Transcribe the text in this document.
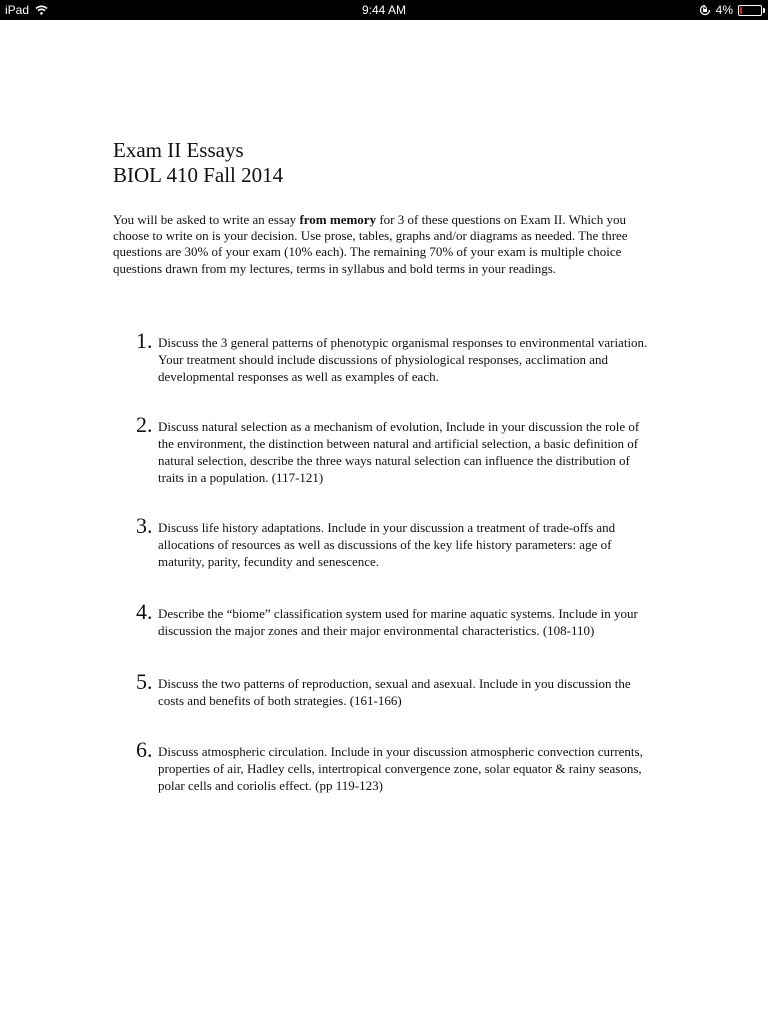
iPad	9:44 AM	4%
Exam II Essays
BIOL 410 Fall 2014
You will be asked to write an essay from memory for 3 of these questions on Exam II. Which you choose to write on is your decision. Use prose, tables, graphs and/or diagrams as needed. The three questions are 30% of your exam (10% each). The remaining 70% of your exam is multiple choice questions drawn from my lectures, terms in syllabus and bold terms in your readings.
1. Discuss the 3 general patterns of phenotypic organismal responses to environmental variation. Your treatment should include discussions of physiological responses, acclimation and developmental responses as well as examples of each.
2. Discuss natural selection as a mechanism of evolution, Include in your discussion the role of the environment, the distinction between natural and artificial selection, a basic definition of natural selection, describe the three ways natural selection can influence the distribution of traits in a population. (117-121)
3. Discuss life history adaptations. Include in your discussion a treatment of trade-offs and allocations of resources as well as discussions of the key life history parameters: age of maturity, parity, fecundity and senescence.
4. Describe the “biome” classification system used for marine aquatic systems. Include in your discussion the major zones and their major environmental characteristics. (108-110)
5. Discuss the two patterns of reproduction, sexual and asexual. Include in you discussion the costs and benefits of both strategies. (161-166)
6. Discuss atmospheric circulation. Include in your discussion atmospheric convection currents, properties of air, Hadley cells, intertropical convergence zone, solar equator & rainy seasons, polar cells and coriolis effect. (pp 119-123)
